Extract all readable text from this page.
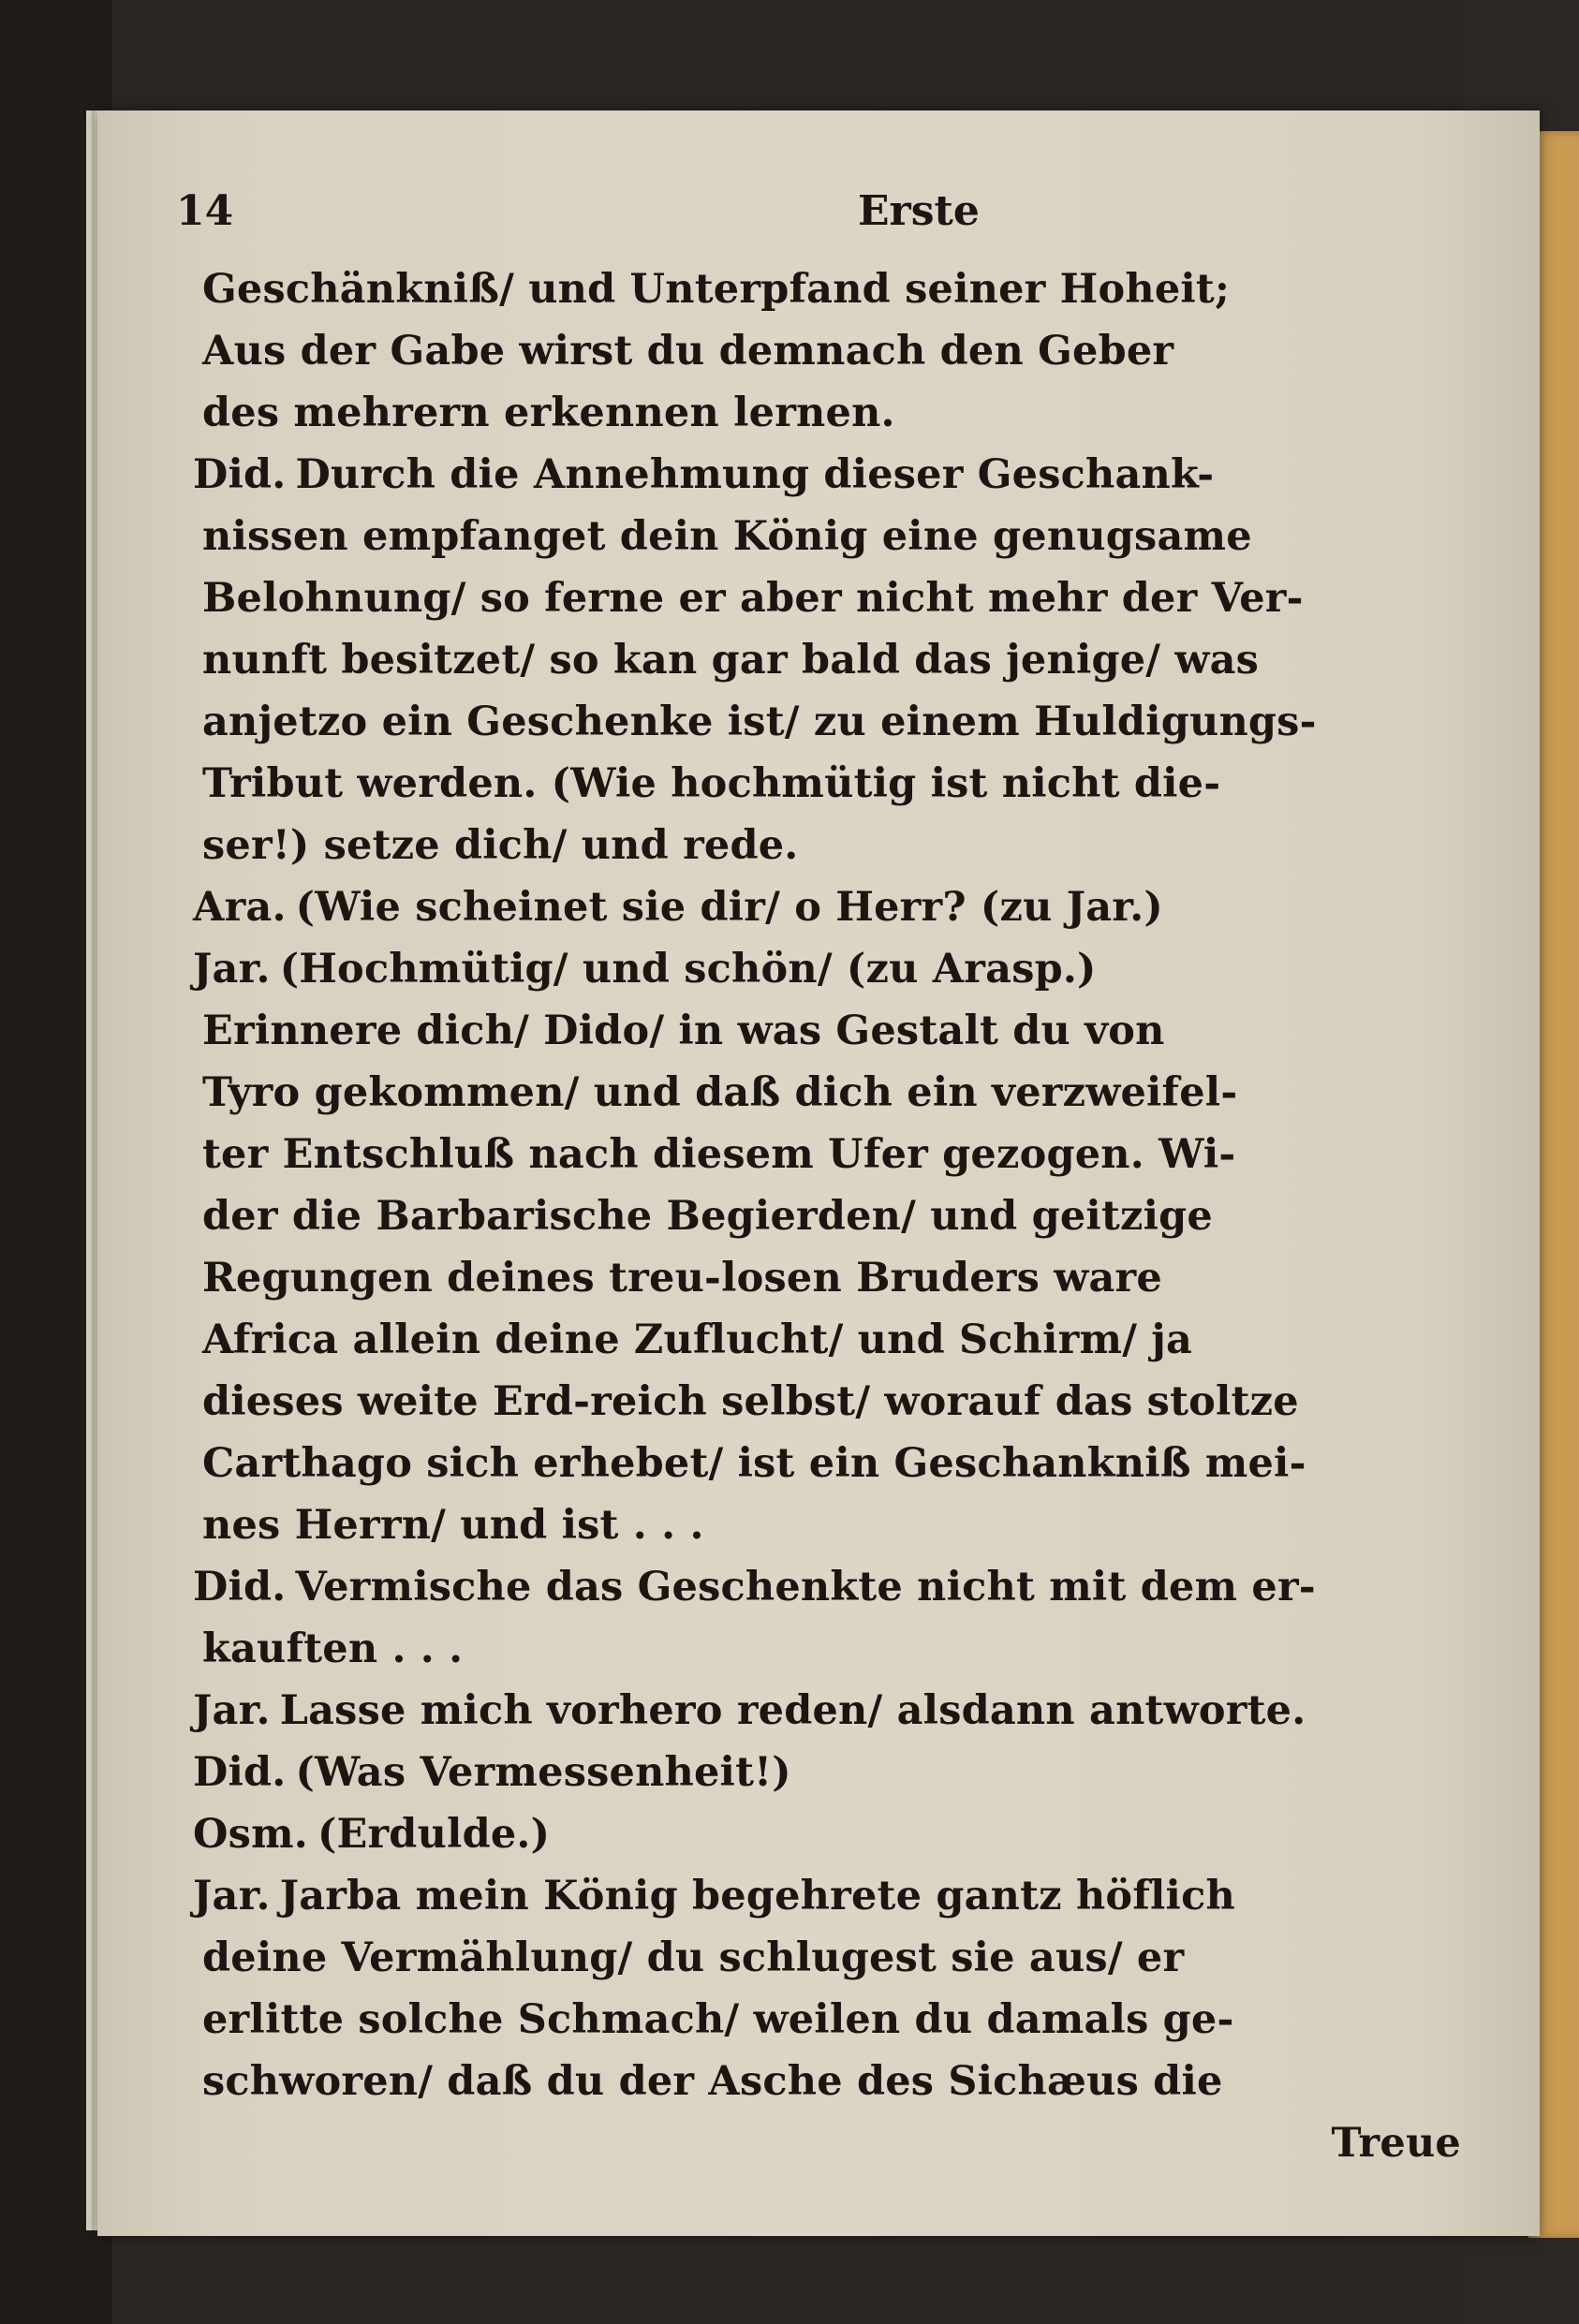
14	Erste
Geschänkniß/ und Unterpfand seiner Hoheit;
Aus der Gabe wirst du demnach den Geber
des mehrern erkennen lernen.
Did. Durch die Annehmung dieser Geschank-
nissen empfanget dein König eine genugsame
Belohnung/ so ferne er aber nicht mehr der Ver-
nunft besitzet/ so kan gar bald das jenige/ was
anjetzo ein Geschenke ist/ zu einem Huldigungs-
Tribut werden. (Wie hochmütig ist nicht die-
ser!) setze dich/ und rede.
Ara. (Wie scheinet sie dir/ o Herr? (zu Jar.)
Jar. (Hochmütig/ und schön/ (zu Arasp.)
Erinnere dich/ Dido/ in was Gestalt du von
Tyro gekommen/ und daß dich ein verzweifel-
ter Entschluß nach diesem Ufer gezogen. Wi-
der die Barbarische Begierden/ und geitzige
Regungen deines treu-losen Bruders ware
Africa allein deine Zuflucht/ und Schirm/ ja
dieses weite Erd-reich selbst/ worauf das stoltze
Carthago sich erhebet/ ist ein Geschankniß mei-
nes Herrn/ und ist . . .
Did. Vermische das Geschenkte nicht mit dem er-
kauften . . .
Jar. Lasse mich vorhero reden/ alsdann antworte.
Did. (Was Vermessenheit!)
Osm. (Erdulde.)
Jar. Jarba mein König begehrete gantz höflich
deine Vermählung/ du schlugest sie aus/ er
erlitte solche Schmach/ weilen du damals ge-
schworen/ daß du der Asche des Sichæus die
Treue
